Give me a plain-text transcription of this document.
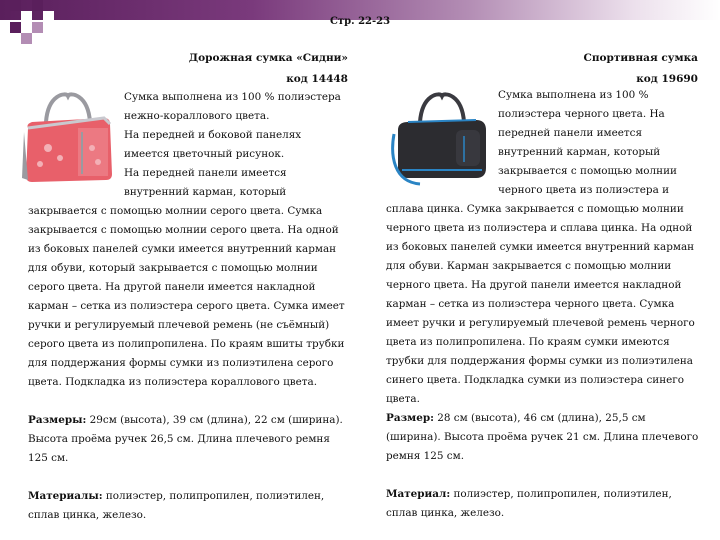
Стр. 22-23
Дорожная сумка «Сидни»
код 14448
Сумка выполнена из 100 % полиэстера
нежно-кораллового цвета.
На передней и боковой панелях
имеется цветочный рисунок.
На передней панели имеется
внутренний карман, который
закрывается с помощью молнии серого цвета. Сумка
закрывается с помощью молнии серого цвета. На одной
из боковых панелей сумки имеется внутренний карман
для обуви, который закрывается с помощью молнии
серого цвета. На другой панели имеется накладной
карман – сетка из полиэстера серого цвета. Сумка имеет
ручки и регулируемый плечевой ремень (не съёмный)
серого цвета из полипропилена. По краям вшиты трубки
для поддержания формы сумки из полиэтилена серого
цвета. Подкладка из полиэстера кораллового цвета.

Размеры: 29см (высота), 39 см (длина), 22 см (ширина).
Высота проёма ручек 26,5 см. Длина плечевого ремня
125 см.

Материалы: полиэстер, полипропилен, полиэтилен,
сплав цинка, железо.
Спортивная сумка
код 19690
Сумка выполнена из 100 %
полиэстера черного цвета. На
передней панели имеется
внутренний карман, который
закрывается с помощью молнии
черного цвета из полиэстера и
сплава цинка. Сумка закрывается с помощью молнии
черного цвета из полиэстера и сплава цинка. На одной
из боковых панелей сумки имеется внутренний карман
для обуви. Карман закрывается с помощью молнии
черного цвета. На другой панели имеется накладной
карман – сетка из полиэстера черного цвета. Сумка
имеет ручки и регулируемый плечевой ремень черного
цвета из полипропилена. По краям сумки имеются
трубки для поддержания формы сумки из полиэтилена
синего цвета. Подкладка сумки из полиэстера синего
цвета.
Размер: 28 см (высота), 46 см (длина), 25,5 см
(ширина). Высота проёма ручек 21 см. Длина плечевого
ремня 125 см.

Материал: полиэстер, полипропилен, полиэтилен,
сплав цинка, железо.
